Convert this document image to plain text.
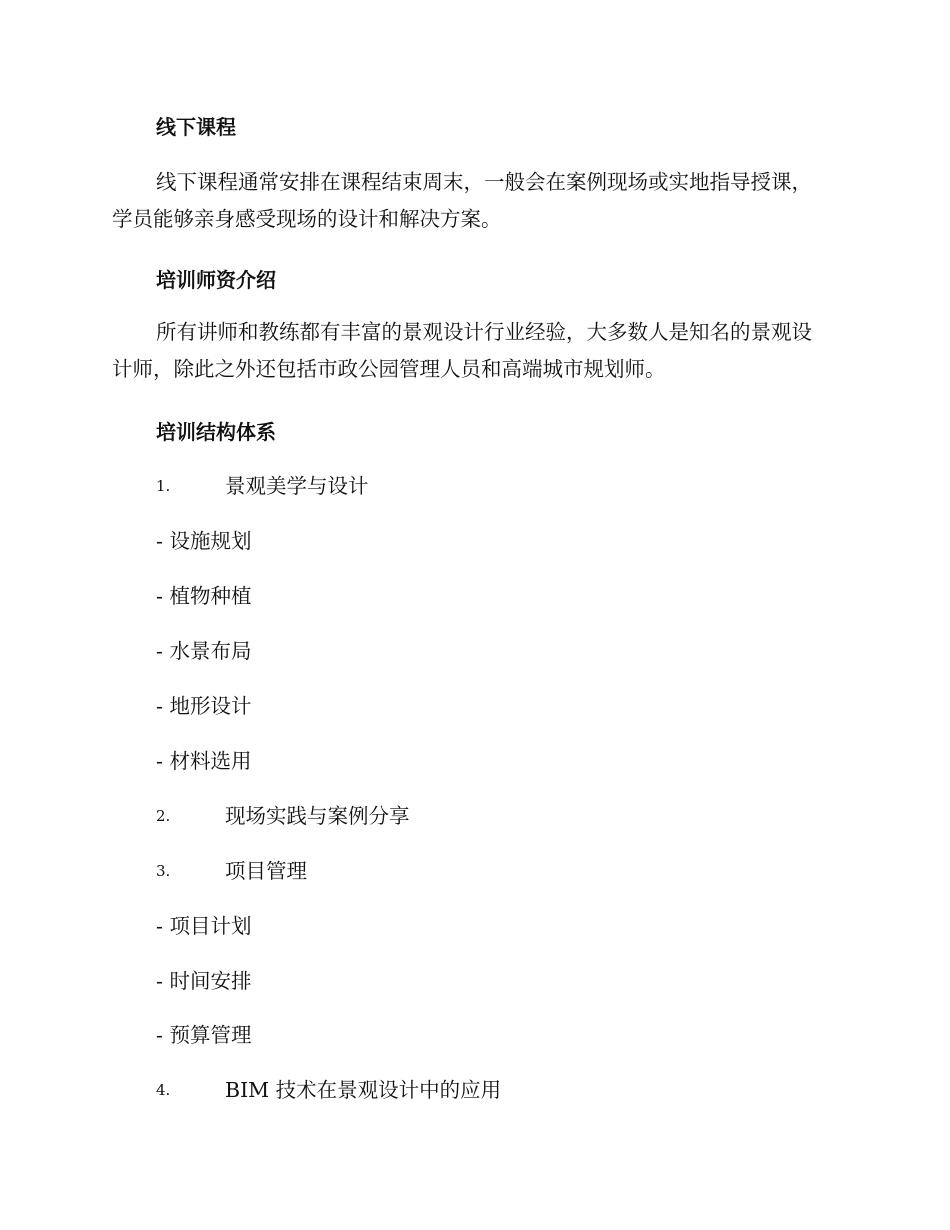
线下课程

线下课程通常安排在课程结束周末，一般会在案例现场或实地指导授课，学员能够亲身感受现场的设计和解决方案。

培训师资介绍

所有讲师和教练都有丰富的景观设计行业经验，大多数人是知名的景观设计师，除此之外还包括市政公园管理人员和高端城市规划师。

培训结构体系
1.	景观美学与设计
- 设施规划
- 植物种植
- 水景布局
- 地形设计
- 材料选用
2.	现场实践与案例分享
3.	项目管理
- 项目计划
- 时间安排
- 预算管理
4.	BIM 技术在景观设计中的应用
